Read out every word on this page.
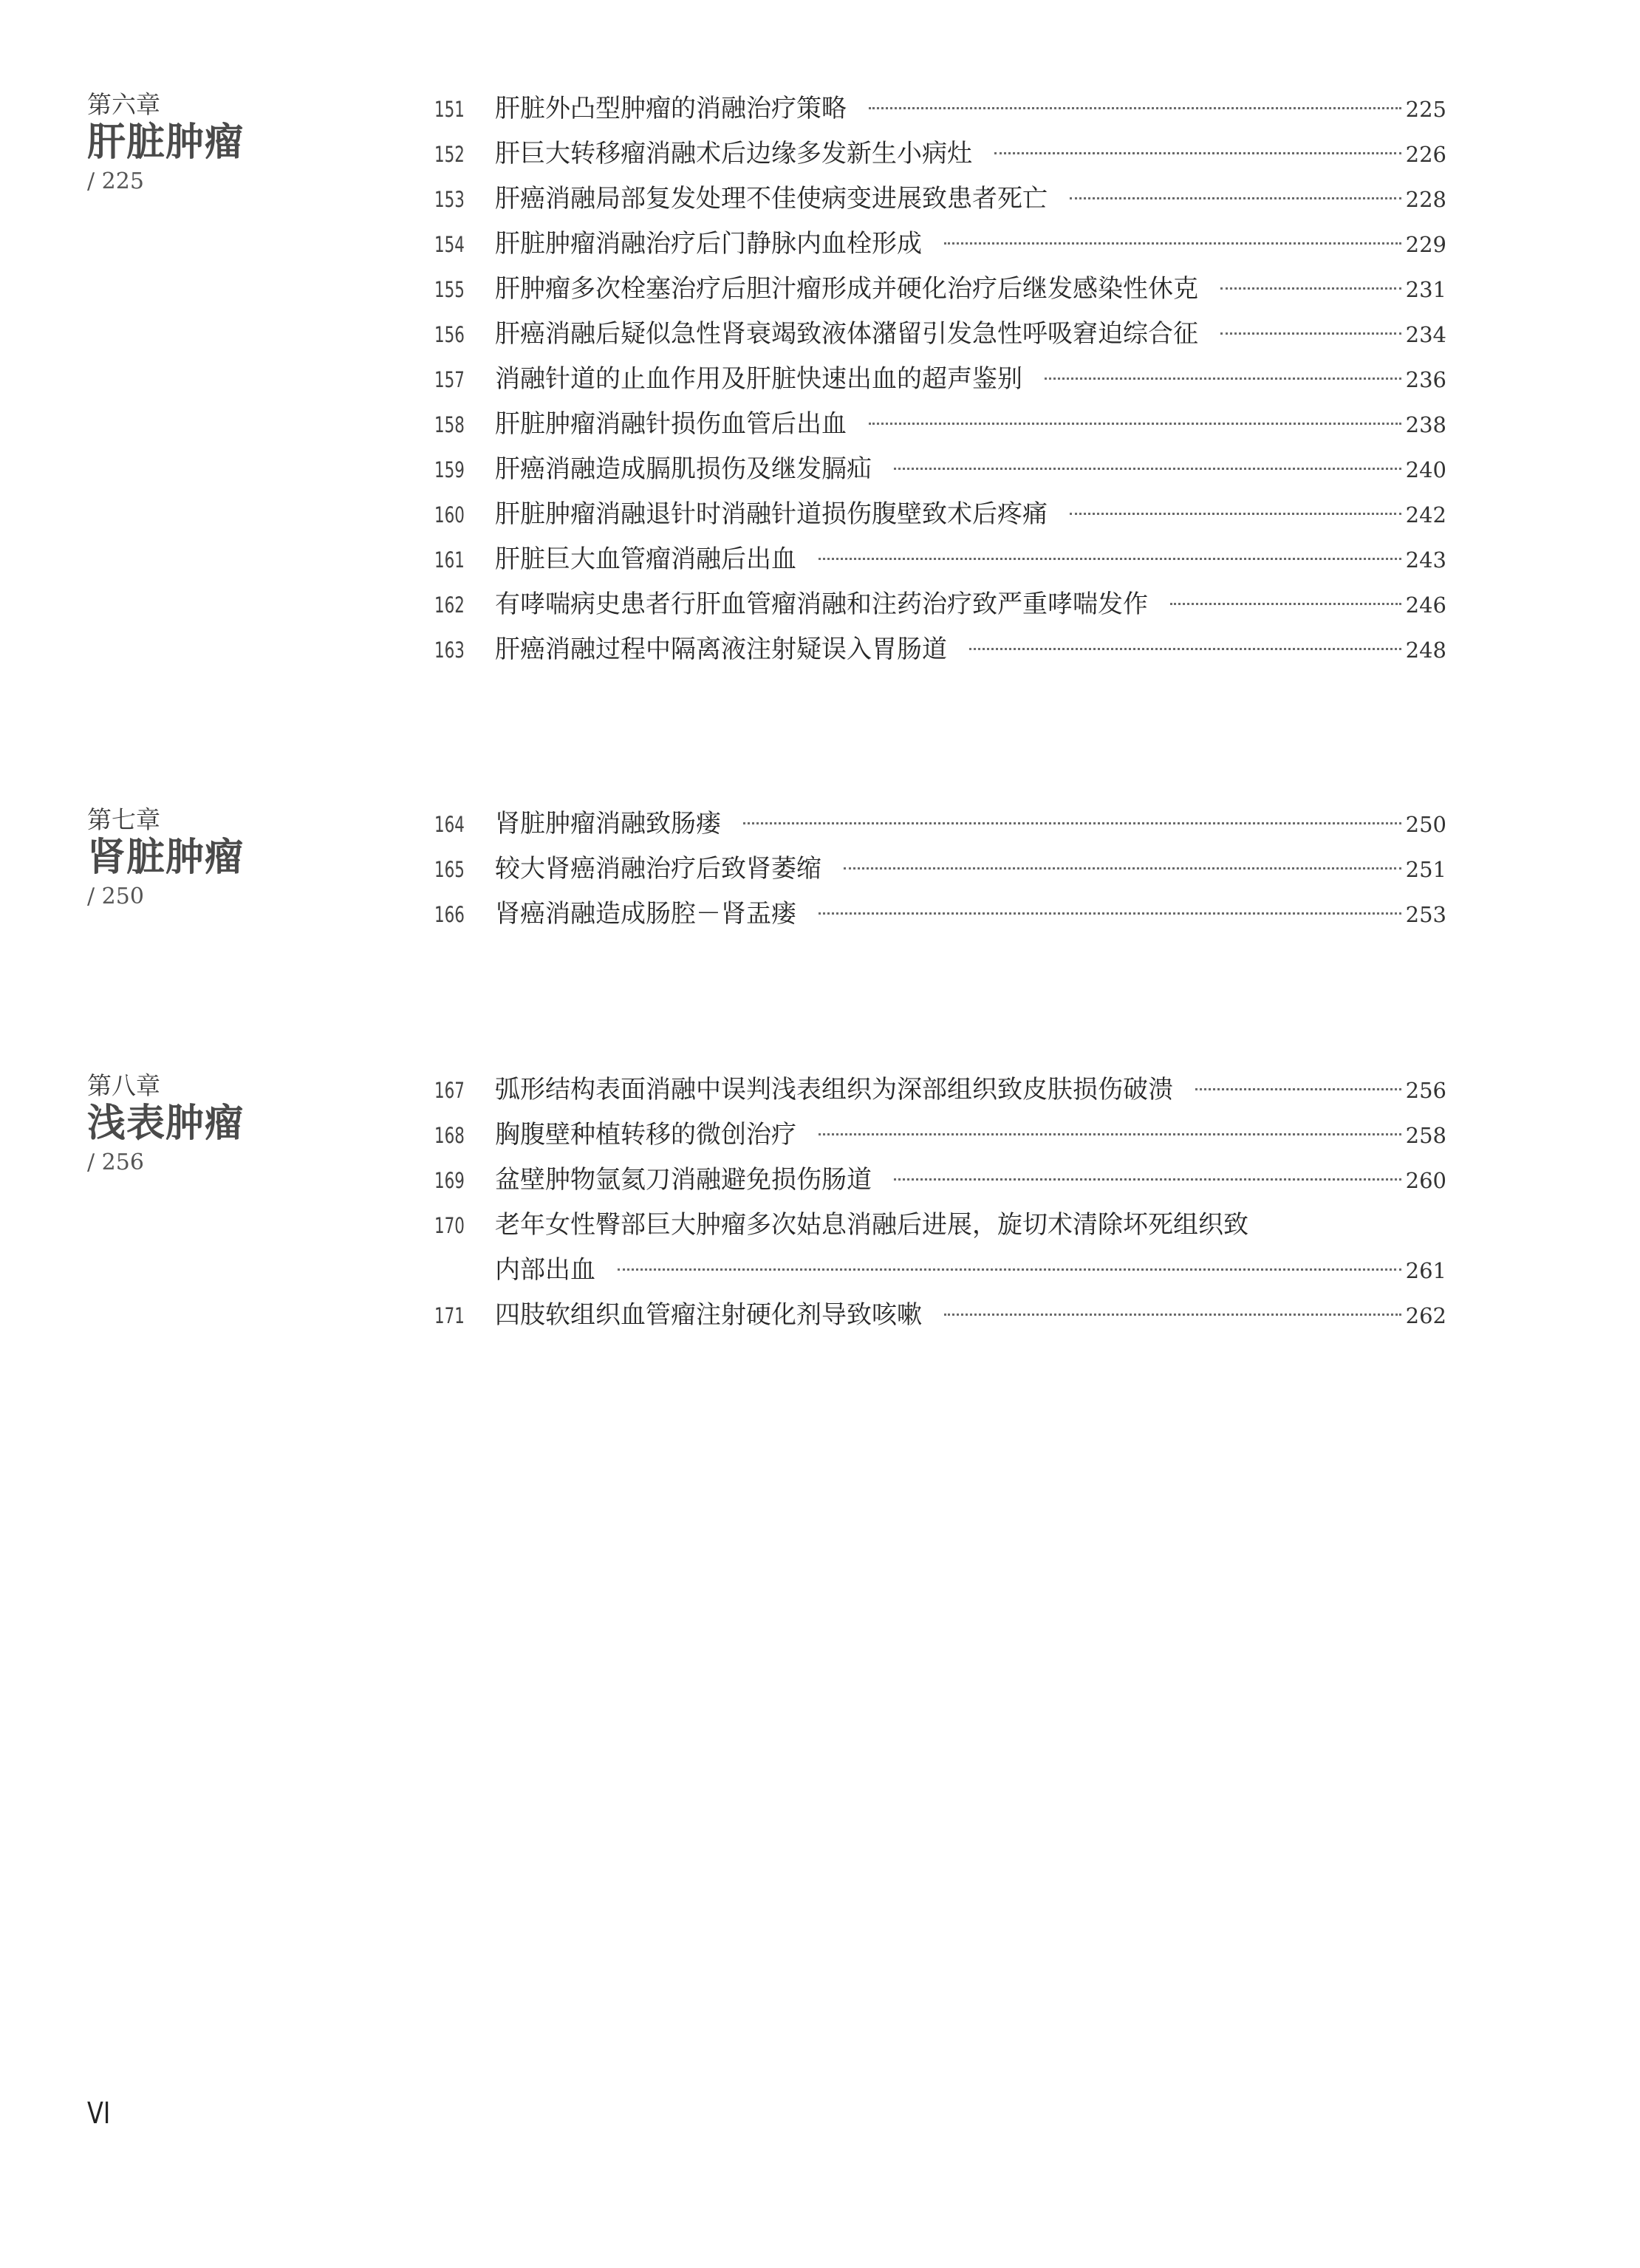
第六章
肝脏肿瘤
/ 225
151 肝脏外凸型肿瘤的消融治疗策略	225
152 肝巨大转移瘤消融术后边缘多发新生小病灶	226
153 肝癌消融局部复发处理不佳使病变进展致患者死亡	228
154 肝脏肿瘤消融治疗后门静脉内血栓形成	229
155 肝肿瘤多次栓塞治疗后胆汁瘤形成并硬化治疗后继发感染性休克	231
156 肝癌消融后疑似急性肾衰竭致液体潴留引发急性呼吸窘迫综合征	234
157 消融针道的止血作用及肝脏快速出血的超声鉴别	236
158 肝脏肿瘤消融针损伤血管后出血	238
159 肝癌消融造成膈肌损伤及继发膈疝	240
160 肝脏肿瘤消融退针时消融针道损伤腹壁致术后疼痛	242
161 肝脏巨大血管瘤消融后出血	243
162 有哮喘病史患者行肝血管瘤消融和注药治疗致严重哮喘发作	246
163 肝癌消融过程中隔离液注射疑误入胃肠道	248
第七章
肾脏肿瘤
/ 250
164 肾脏肿瘤消融致肠瘘	250
165 较大肾癌消融治疗后致肾萎缩	251
166 肾癌消融造成肠腔－肾盂瘘	253
第八章
浅表肿瘤
/ 256
167 弧形结构表面消融中误判浅表组织为深部组织致皮肤损伤破溃	256
168 胸腹壁种植转移的微创治疗	258
169 盆壁肿物氩氦刀消融避免损伤肠道	260
170 老年女性臀部巨大肿瘤多次姑息消融后进展，旋切术清除坏死组织致
内部出血	261
171 四肢软组织血管瘤注射硬化剂导致咳嗽	262
VI
